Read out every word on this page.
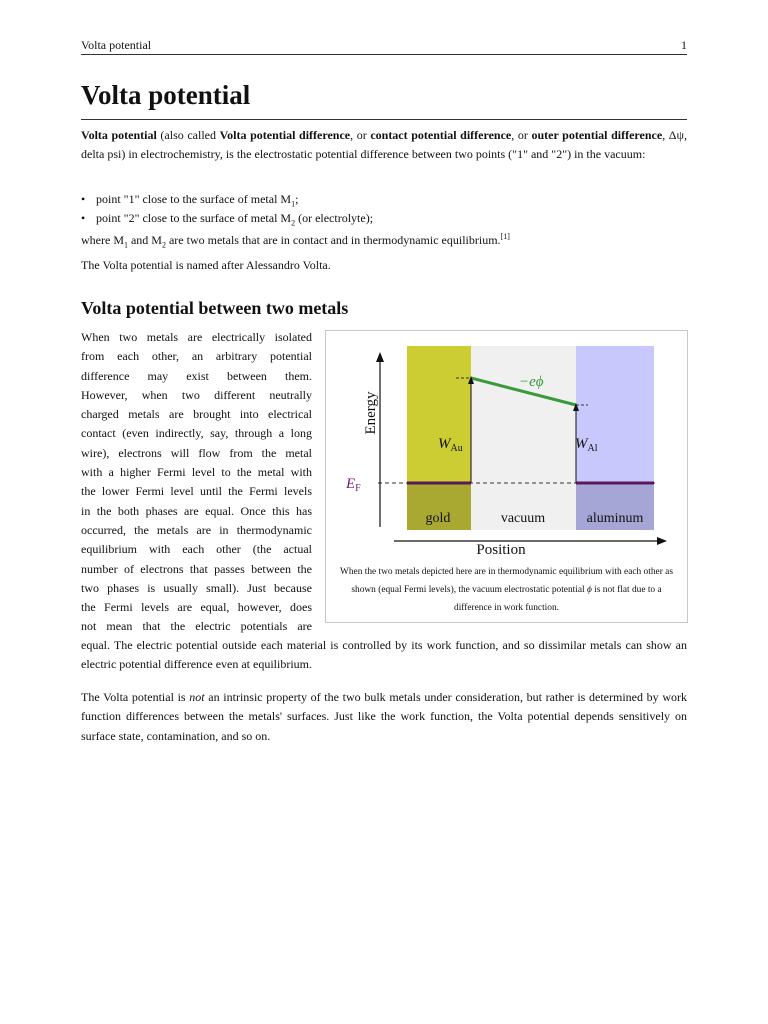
Volta potential	1
Volta potential

Volta potential (also called Volta potential difference, or contact potential difference, or outer potential difference, Δψ, delta psi) in electrochemistry, is the electrostatic potential difference between two points ("1" and "2") in the vacuum:

• point "1" close to the surface of metal $M_1$;
• point "2" close to the surface of metal $M_2$ (or electrolyte);

where $M_1$ and $M_2$ are two metals that are in contact and in thermodynamic equilibrium.[1]

The Volta potential is named after Alessandro Volta.

Volta potential between two metals
When two metals are electrically isolated
from each other, an arbitrary potential
difference may exist between them.
However, when two different neutrally
charged metals are brought into electrical
contact (even indirectly, say, through a long
wire), electrons will flow from the metal
with a higher Fermi level to the metal with
the lower Fermi level until the Fermi levels
in the both phases are equal. Once this has
occurred, the metals are in thermodynamic
equilibrium with each other (the actual
number of electrons that passes between the
two phases is usually small). Just because
the Fermi levels are equal, however, does
not mean that the electric potentials are

equal. The electric potential outside each material is controlled by its work function, and so dissimilar metals can show an electric potential difference even at equilibrium.

The Volta potential is not an intrinsic property of the two bulk metals under consideration, but rather is determined by work function differences between the metals' surfaces. Just like the work function, the Volta potential depends sensitively on surface state, contamination, and so on.

Energy
Position
$E_F$
$W_{Au}$	$W_{Al}$
−eϕ
gold	vacuum	aluminum
When the two metals depicted here are in thermodynamic equilibrium with each other as shown (equal Fermi levels), the vacuum electrostatic potential ϕ is not flat due to a difference in work function.
